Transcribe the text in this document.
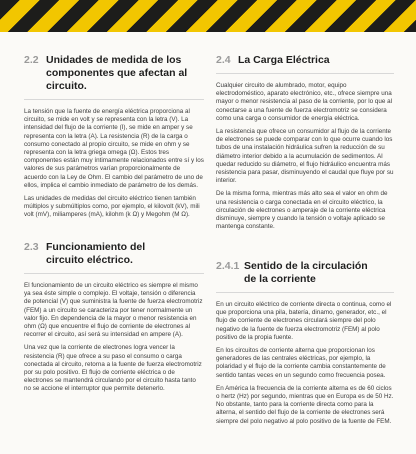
2.2 Unidades de medida de los componentes que afectan al circuito.

La tensión que la fuente de energía eléctrica proporciona al circuito, se mide en volt y se representa con la letra (V). La intensidad del flujo de la corriente (I), se mide en amper y se representa con la letra (A). La resistencia (R) de la carga o consumo conectado al propio circuito, se mide en ohm y se representa con la letra griega omega (Ω). Estos tres componentes están muy íntimamente relacionados entre sí y los valores de sus parámetros varían proporcionalmente de acuerdo con la Ley de Ohm. El cambio del parámetro de uno de ellos, implica el cambio inmediato de parámetro de los demás.

Las unidades de medidas del circuito eléctrico tienen también múltiplos y submúltiplos como, por ejemplo, el kilovolt (kV), mili volt (mV), miliamperes (mA), kilohm (k Ω) y Megohm (M Ω).

2.3 Funcionamiento del circuito eléctrico.

El funcionamiento de un circuito eléctrico es siempre el mismo ya sea éste simple o complejo. El voltaje, tensión o diferencia de potencial (V) que suministra la fuente de fuerza electromotriz (FEM) a un circuito se caracteriza por tener normalmente un valor fijo. En dependencia de la mayor o menor resistencia en ohm (Ω) que encuentre el flujo de corriente de electrones al recorrer el circuito, así será su intensidad en ampere (A).

Una vez que la corriente de electrones logra vencer la resistencia (R) que ofrece a su paso el consumo o carga conectada al circuito, retorna a la fuente de fuerza electromotriz por su polo positivo. El flujo de corriente eléctrica o de electrones se mantendrá circulando por el circuito hasta tanto no se accione el interruptor que permite detenerlo.

2.4 La Carga Eléctrica

Cualquier circuito de alumbrado, motor, equipo electrodoméstico, aparato electrónico, etc., ofrece siempre una mayor o menor resistencia al paso de la corriente, por lo que al conectarse a una fuente de fuerza electromotriz se considera como una carga o consumidor de energía eléctrica.

La resistencia que ofrece un consumidor al flujo de la corriente de electrones se puede comparar con lo que ocurre cuando los tubos de una instalación hidráulica sufren la reducción de su diámetro interior debido a la acumulación de sedimentos. Al quedar reducido su diámetro, el flujo hidráulico encuentra más resistencia para pasar, disminuyendo el caudal que fluye por su interior.

De la misma forma, mientras más alto sea el valor en ohm de una resistencia o carga conectada en el circuito eléctrico, la circulación de electrones o amperaje de la corriente eléctrica disminuye, siempre y cuando la tensión o voltaje aplicado se mantenga constante.

2.4.1 Sentido de la circulación de la corriente

En un circuito eléctrico de corriente directa o continua, como el que proporciona una pila, batería, dinamo, generador, etc., el flujo de corriente de electrones circulará siempre del polo negativo de la fuente de fuerza electromotriz (FEM) al polo positivo de la propia fuente.

En los circuitos de corriente alterna que proporcionan los generadores de las centrales eléctricas, por ejemplo, la polaridad y el flujo de la corriente cambia constantemente de sentido tantas veces en un segundo como frecuencia posea.

En América la frecuencia de la corriente alterna es de 60 ciclos o hertz (Hz) por segundo, mientras que en Europa es de 50 Hz. No obstante, tanto para la corriente directa como para la alterna, el sentido del flujo de la corriente de electrones será siempre del polo negativo al polo positivo de la fuente de FEM.
